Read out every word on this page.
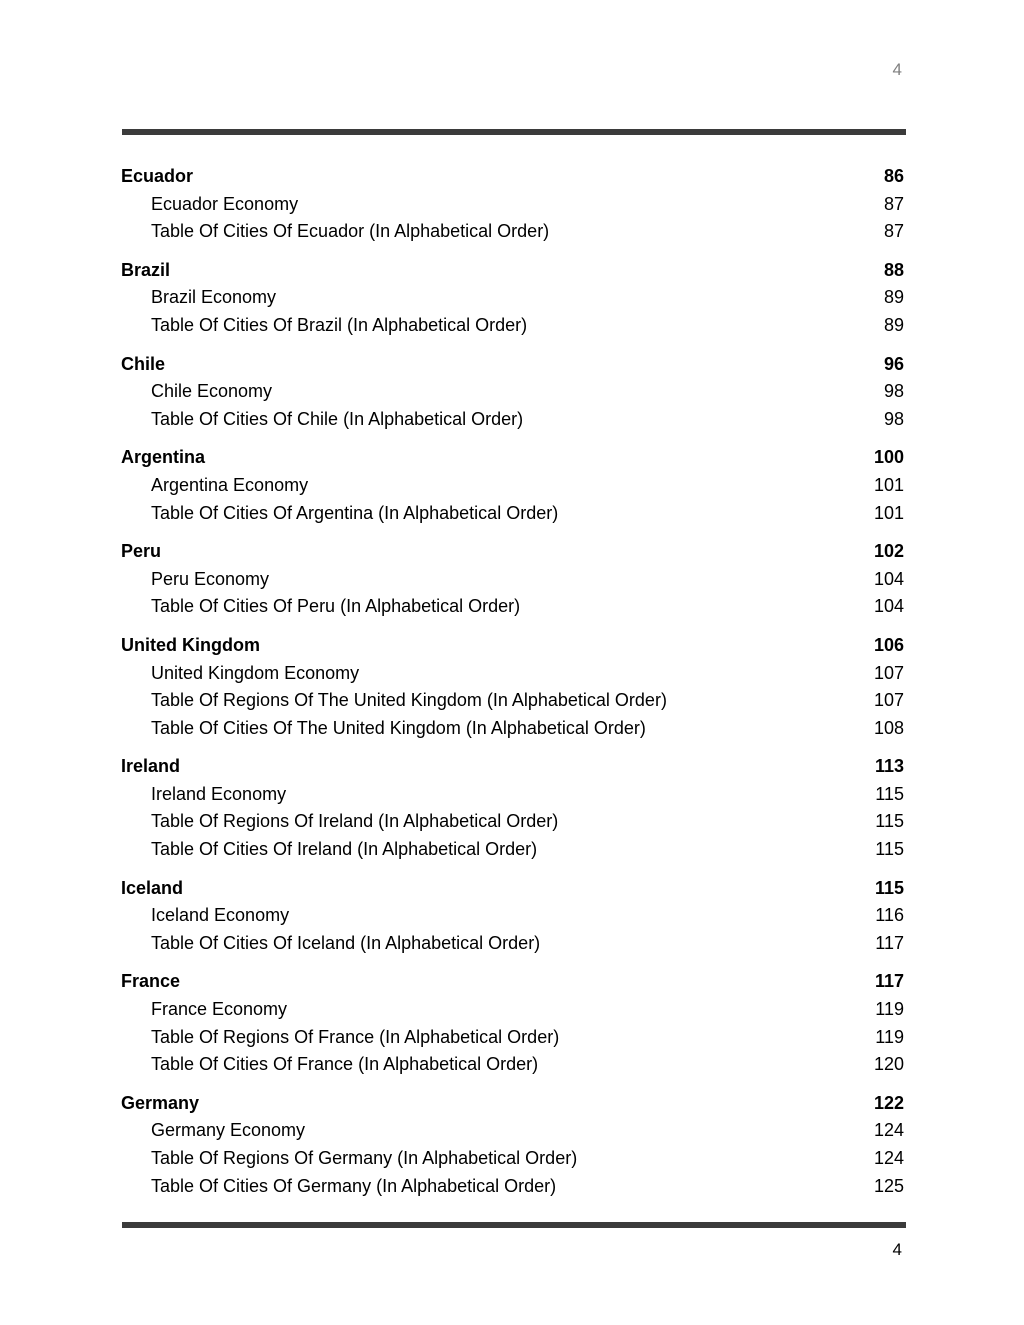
4
Ecuador	86
Ecuador Economy	87
Table Of Cities Of Ecuador (In Alphabetical Order)	87
Brazil	88
Brazil Economy	89
Table Of Cities Of Brazil (In Alphabetical Order)	89
Chile	96
Chile Economy	98
Table Of Cities Of Chile (In Alphabetical Order)	98
Argentina	100
Argentina Economy	101
Table Of Cities Of Argentina (In Alphabetical Order)	101
Peru	102
Peru Economy	104
Table Of Cities Of Peru (In Alphabetical Order)	104
United Kingdom	106
United Kingdom Economy	107
Table Of Regions Of The United Kingdom (In Alphabetical Order)	107
Table Of Cities Of The United Kingdom (In Alphabetical Order)	108
Ireland	113
Ireland Economy	115
Table Of Regions Of Ireland (In Alphabetical Order)	115
Table Of Cities Of Ireland (In Alphabetical Order)	115
Iceland	115
Iceland Economy	116
Table Of Cities Of Iceland (In Alphabetical Order)	117
France	117
France Economy	119
Table Of Regions Of France (In Alphabetical Order)	119
Table Of Cities Of France (In Alphabetical Order)	120
Germany	122
Germany Economy	124
Table Of Regions Of Germany (In Alphabetical Order)	124
Table Of Cities Of Germany (In Alphabetical Order)	125
4
